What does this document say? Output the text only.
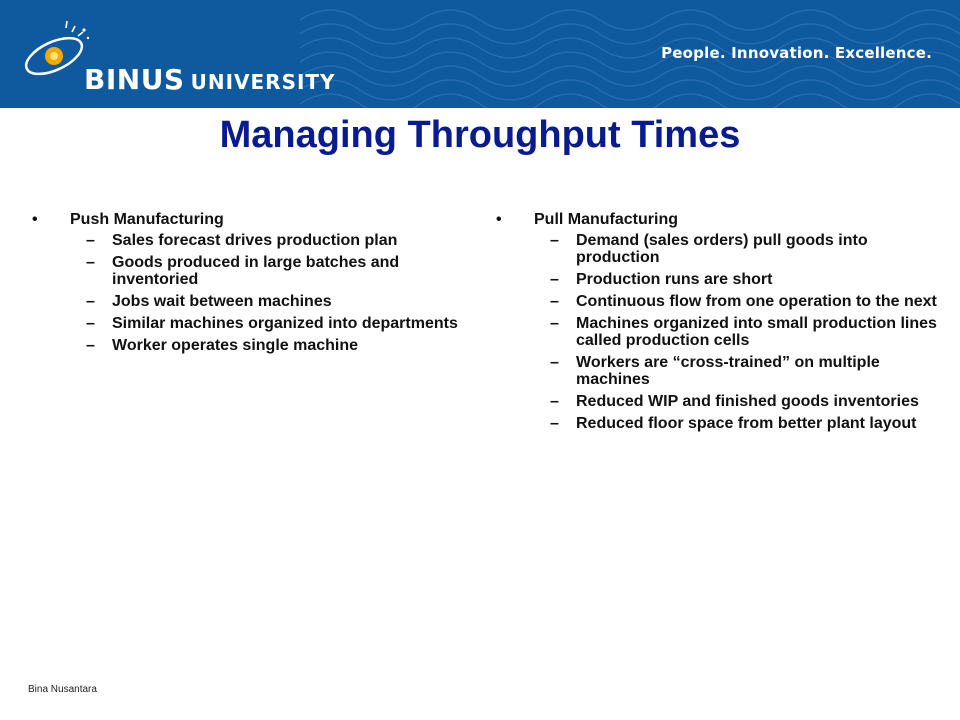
BINUS UNIVERSITY
People. Innovation. Excellence.
Managing Throughput Times
• Push Manufacturing
– Sales forecast drives production plan
– Goods produced in large batches and inventoried
– Jobs wait between machines
– Similar machines organized into departments
– Worker operates single machine
• Pull Manufacturing
– Demand (sales orders) pull goods into production
– Production runs are short
– Continuous flow from one operation to the next
– Machines organized into small production lines called production cells
– Workers are “cross-trained” on multiple machines
– Reduced WIP and finished goods inventories
– Reduced floor space from better plant layout
Bina Nusantara
